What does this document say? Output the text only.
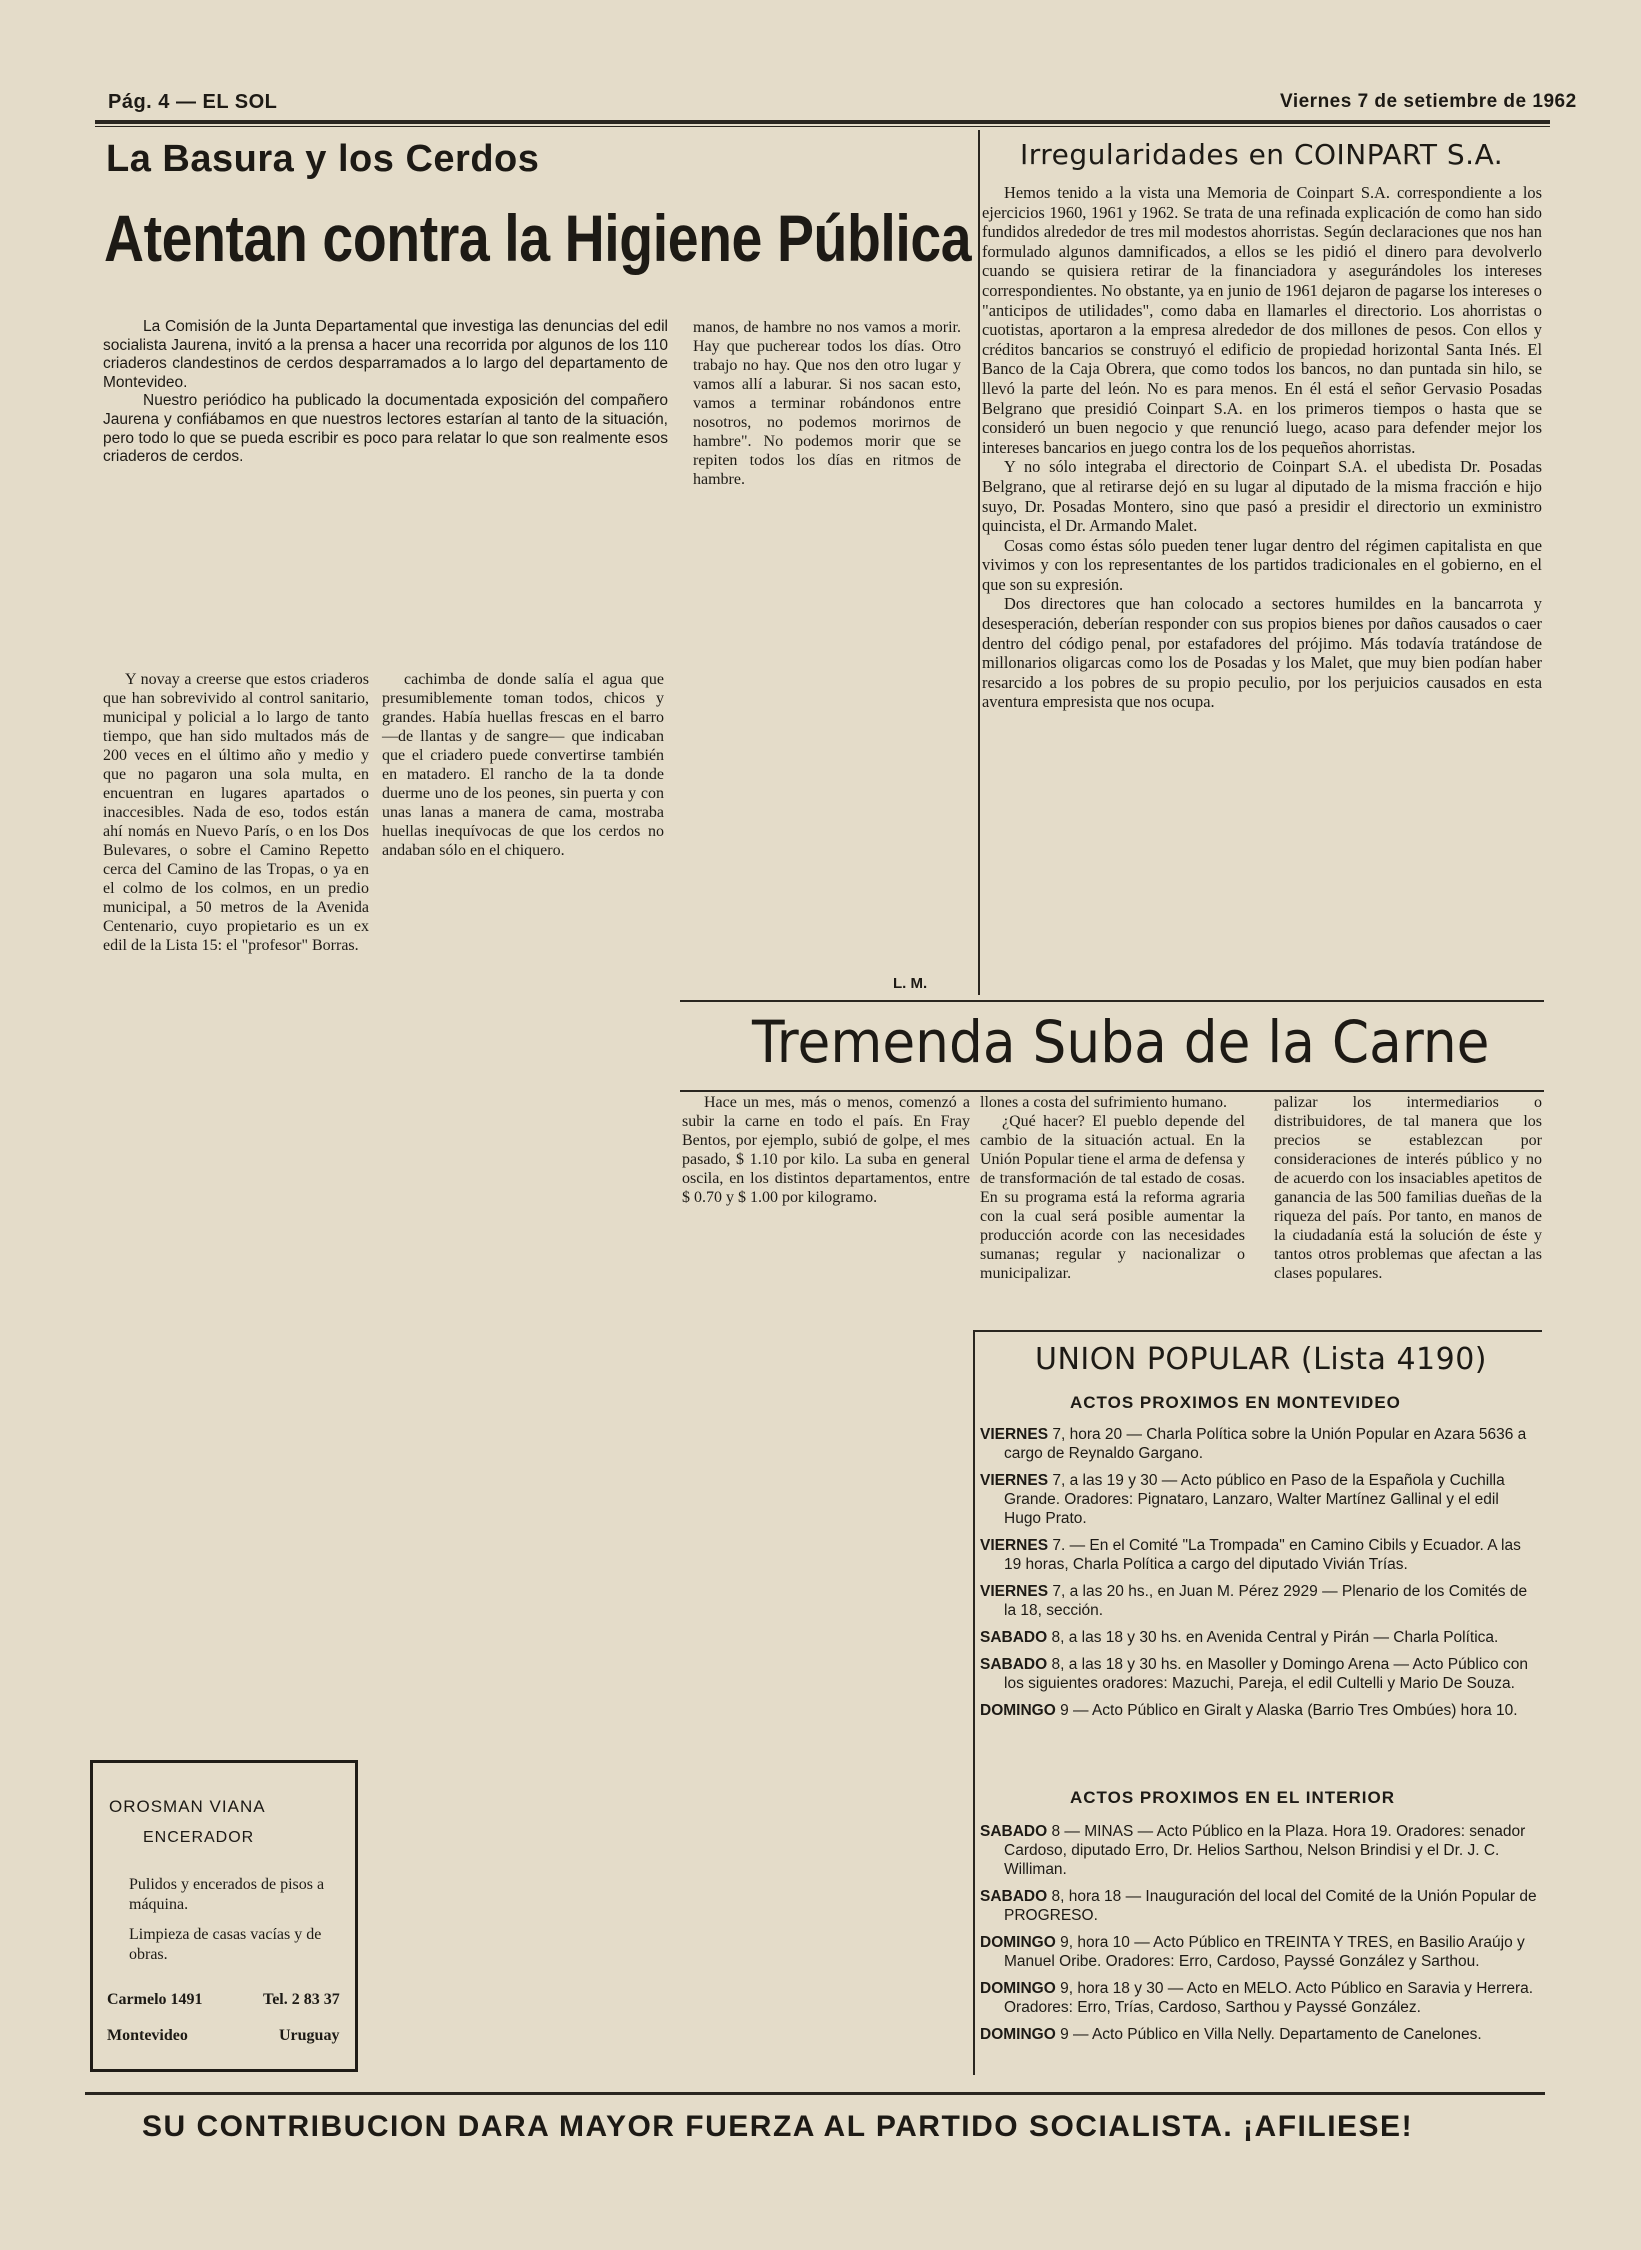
Pág. 4 — EL SOL	Viernes 7 de setiembre de 1962
La Basura y los Cerdos
Atentan contra la Higiene Pública

La Comisión de la Junta Departamental que investiga las denuncias del edil socialista Jaurena, invitó a la prensa a hacer una recorrida por algunos de los 110 criaderos clandestinos de cerdos desparramados a lo largo del departamento de Montevideo.

Nuestro periódico ha publicado la documentada exposición del compañero Jaurena y confiábamos en que nuestros lectores estarían al tanto de la situación, pero todo lo que se pueda escribir es poco para relatar lo que son realmente esos criaderos de cerdos.

manos, de hambre no nos vamos a morir. Hay que pucherear todos los días. Otro trabajo no hay. Que nos den otro lugar y vamos allí a laburar. Si nos sacan esto, vamos a terminar robándonos entre nosotros, no podemos morirnos de hambre". No podemos morir que se repiten todos los días en ritmos de hambre.

Y novay a creerse que estos criaderos que han sobrevivido al control sanitario, municipal y policial a lo largo de tanto tiempo, que han sido multados más de 200 veces en el último año y medio y que no pagaron una sola multa, en encuentran en lugares apartados o inaccesibles. Nada de eso, todos están ahí nomás en Nuevo París, o en los Dos Bulevares, o sobre el Camino Repetto cerca del Camino de las Tropas, o ya en el colmo de los colmos, en un predio municipal, a 50 metros de la Avenida Centenario, cuyo propietario es un ex edil de la Lista 15: el "profesor" Borras.

cachimba de donde salía el agua que presumiblemente toman todos, chicos y grandes. Había huellas frescas en el barro —de llantas y de sangre— que indicaban que el criadero puede convertirse también en matadero. El rancho de la ta donde duerme uno de los peones, sin puerta y con unas lanas a manera de cama, mostraba huellas inequívocas de que los cerdos no andaban sólo en el chiquero.

L. M.
Irregularidades en COINPART S.A.

Hemos tenido a la vista una Memoria de Coinpart S.A. correspondiente a los ejercicios 1960, 1961 y 1962. Se trata de una refinada explicación de como han sido fundidos alrededor de tres mil modestos ahorristas. Según declaraciones que nos han formulado algunos damnificados, a ellos se les pidió el dinero para devolverlo cuando se quisiera retirar de la financiadora y asegurándoles los intereses correspondientes. No obstante, ya en junio de 1961 dejaron de pagarse los intereses o "anticipos de utilidades", como daba en llamarles el directorio. Los ahorristas o cuotistas, aportaron a la empresa alrededor de dos millones de pesos. Con ellos y créditos bancarios se construyó el edificio de propiedad horizontal Santa Inés. El Banco de la Caja Obrera, que como todos los bancos, no dan puntada sin hilo, se llevó la parte del león. No es para menos. En él está el señor Gervasio Posadas Belgrano que presidió Coinpart S.A. en los primeros tiempos o hasta que se consideró un buen negocio y que renunció luego, acaso para defender mejor los intereses bancarios en juego contra los de los pequeños ahorristas.

Y no sólo integraba el directorio de Coinpart S.A. el ubedista Dr. Posadas Belgrano, que al retirarse dejó en su lugar al diputado de la misma fracción e hijo suyo, Dr. Posadas Montero, sino que pasó a presidir el directorio un exministro quincista, el Dr. Armando Malet.

Cosas como éstas sólo pueden tener lugar dentro del régimen capitalista en que vivimos y con los representantes de los partidos tradicionales en el gobierno, en el que son su expresión.

Dos directores que han colocado a sectores humildes en la bancarrota y desesperación, deberían responder con sus propios bienes por daños causados o caer dentro del código penal, por estafadores del prójimo. Más todavía tratándose de millonarios oligarcas como los de Posadas y los Malet, que muy bien podían haber resarcido a los pobres de su propio peculio, por los perjuicios causados en esta aventura empresista que nos ocupa.

Tremenda Suba de la Carne

Hace un mes, más o menos, comenzó a subir la carne en todo el país. En Fray Bentos, por ejemplo, subió de golpe, el mes pasado, $ 1.10 por kilo. La suba en general oscila, en los distintos departamentos, entre $ 0.70 y $ 1.00 por kilogramo.

llones a costa del sufrimiento humano.

¿Qué hacer? El pueblo depende del cambio de la situación actual. En la Unión Popular tiene el arma de defensa y de transformación de tal estado de cosas. En su programa está la reforma agraria con la cual será posible aumentar la producción acorde con las necesidades sumanas; regular y nacionalizar o municipalizar.

palizar los intermediarios o distribuidores, de tal manera que los precios se establezcan por consideraciones de interés público y no de acuerdo con los insaciables apetitos de ganancia de las 500 familias dueñas de la riqueza del país. Por tanto, en manos de la ciudadanía está la solución de éste y tantos otros problemas que afectan a las clases populares.

UNION POPULAR (Lista 4190)
ACTOS PROXIMOS EN MONTEVIDEO
VIERNES 7, hora 20 — Charla Política sobre la Unión Popular en Azara 5636 a cargo de Reynaldo Gargano.
VIERNES 7, a las 19 y 30 — Acto público en Paso de la Española y Cuchilla Grande. Oradores: Pignataro, Lanzaro, Walter Martínez Gallinal y el edil Hugo Prato.
VIERNES 7. — En el Comité "La Trompada" en Camino Cibils y Ecuador. A las 19 horas, Charla Política a cargo del diputado Vivián Trías.
VIERNES 7, a las 20 hs., en Juan M. Pérez 2929 — Plenario de los Comités de la 18, sección.
SABADO 8, a las 18 y 30 hs. en Avenida Central y Pirán — Charla Política.
SABADO 8, a las 18 y 30 hs. en Masoller y Domingo Arena — Acto Público con los siguientes oradores: Mazuchi, Pareja, el edil Cultelli y Mario De Souza.
DOMINGO 9 — Acto Público en Giralt y Alaska (Barrio Tres Ombúes) hora 10.
ACTOS PROXIMOS EN EL INTERIOR
SABADO 8 — MINAS — Acto Público en la Plaza. Hora 19. Oradores: senador Cardoso, diputado Erro, Dr. Helios Sarthou, Nelson Brindisi y el Dr. J. C. Williman.
SABADO 8, hora 18 — Inauguración del local del Comité de la Unión Popular de PROGRESO.
DOMINGO 9, hora 10 — Acto Público en TREINTA Y TRES, en Basilio Araújo y Manuel Oribe. Oradores: Erro, Cardoso, Payssé González y Sarthou.
DOMINGO 9, hora 18 y 30 — Acto en MELO. Acto Público en Saravia y Herrera. Oradores: Erro, Trías, Cardoso, Sarthou y Payssé González.
DOMINGO 9 — Acto Público en Villa Nelly. Departamento de Canelones.
OROSMAN VIANA
ENCERADOR
Pulidos y encerados de pisos a máquina.
Limpieza de casas vacías y de obras.
Carmelo 1491	Tel. 2 83 37
Montevideo	Uruguay
SU CONTRIBUCION DARA MAYOR FUERZA AL PARTIDO SOCIALISTA. ¡AFILIESE!
